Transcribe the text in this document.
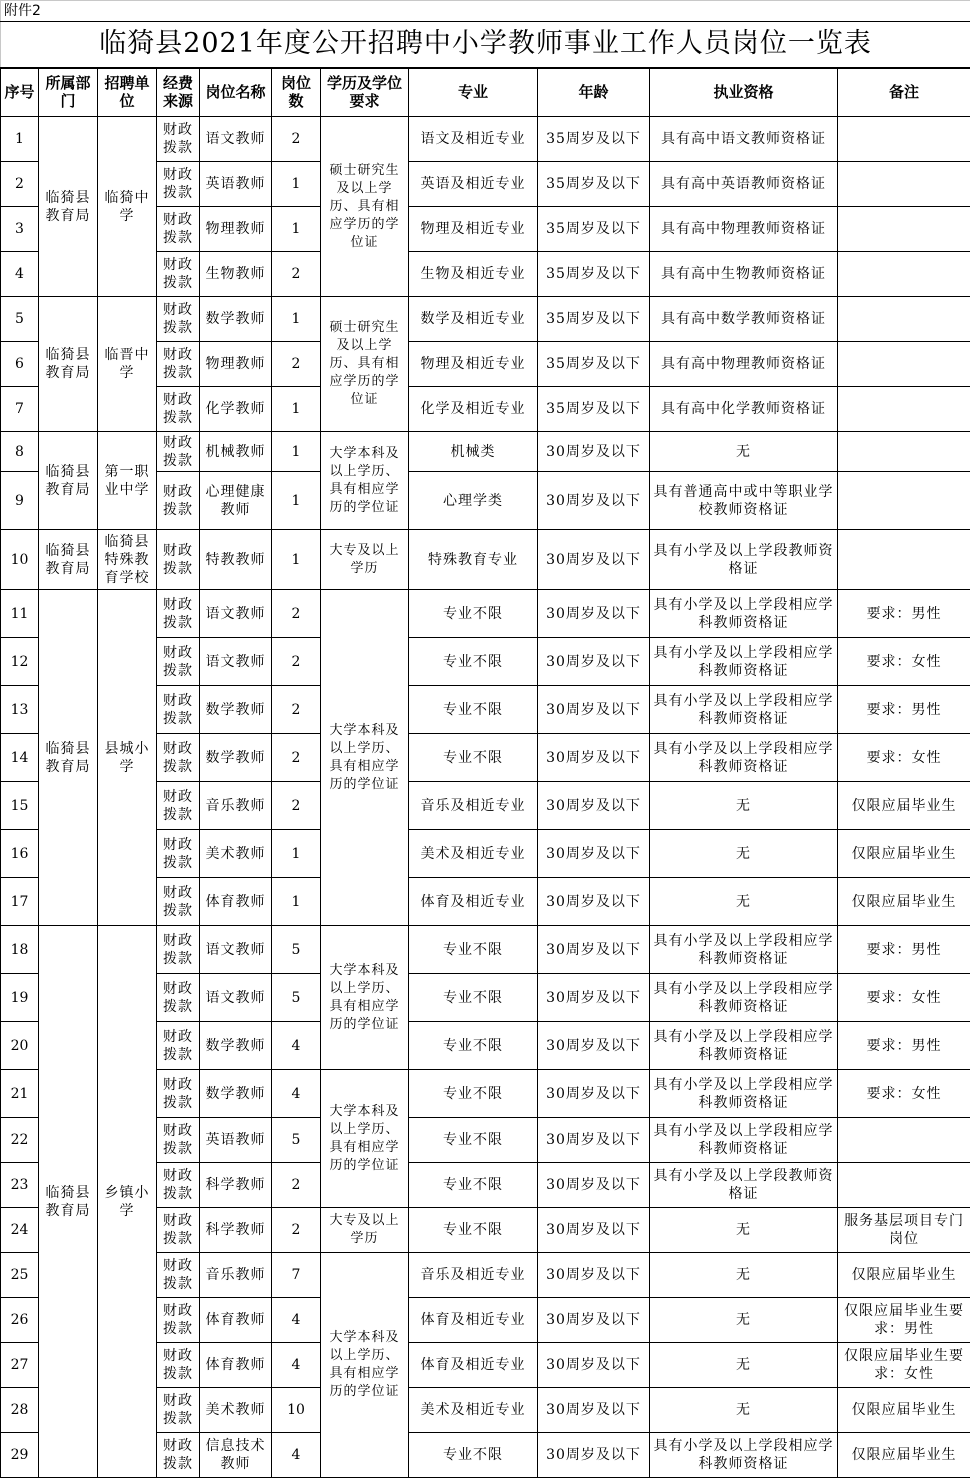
附件2										
临猗县2021年度公开招聘中小学教师事业工作人员岗位一览表										
序号	所属部门	招聘单位	经费来源	岗位名称	岗位数	学历及学位要求	专业	年龄	执业资格	备注
1	临猗县教育局	临猗中学	财政拨款	语文教师	2	硕士研究生及以上学历、具有相应学历的学位证	语文及相近专业	35周岁及以下	具有高中语文教师资格证	
2			财政拨款	英语教师	1		英语及相近专业	35周岁及以下	具有高中英语教师资格证	
3			财政拨款	物理教师	1		物理及相近专业	35周岁及以下	具有高中物理教师资格证	
4			财政拨款	生物教师	2		生物及相近专业	35周岁及以下	具有高中生物教师资格证	
5	临猗县教育局	临晋中学	财政拨款	数学教师	1	硕士研究生及以上学历、具有相应学历的学位证	数学及相近专业	35周岁及以下	具有高中数学教师资格证	
6			财政拨款	物理教师	2		物理及相近专业	35周岁及以下	具有高中物理教师资格证	
7			财政拨款	化学教师	1		化学及相近专业	35周岁及以下	具有高中化学教师资格证	
8	临猗县教育局	第一职业中学	财政拨款	机械教师	1	大学本科及以上学历、具有相应学历的学位证	机械类	30周岁及以下	无	
9			财政拨款	心理健康教师	1		心理学类	30周岁及以下	具有普通高中或中等职业学校教师资格证	
10	临猗县教育局	临猗县特殊教育学校	财政拨款	特教教师	1	大专及以上学历	特殊教育专业	30周岁及以下	具有小学及以上学段教师资格证	
11	临猗县教育局	县城小学	财政拨款	语文教师	2	大学本科及以上学历、具有相应学历的学位证	专业不限	30周岁及以下	具有小学及以上学段相应学科教师资格证	要求：男性
12			财政拨款	语文教师	2		专业不限	30周岁及以下	具有小学及以上学段相应学科教师资格证	要求：女性
13			财政拨款	数学教师	2		专业不限	30周岁及以下	具有小学及以上学段相应学科教师资格证	要求：男性
14			财政拨款	数学教师	2		专业不限	30周岁及以下	具有小学及以上学段相应学科教师资格证	要求：女性
15			财政拨款	音乐教师	2		音乐及相近专业	30周岁及以下	无	仅限应届毕业生
16			财政拨款	美术教师	1		美术及相近专业	30周岁及以下	无	仅限应届毕业生
17			财政拨款	体育教师	1		体育及相近专业	30周岁及以下	无	仅限应届毕业生
18	临猗县教育局	乡镇小学	财政拨款	语文教师	5	大学本科及以上学历、具有相应学历的学位证	专业不限	30周岁及以下	具有小学及以上学段相应学科教师资格证	要求：男性
19			财政拨款	语文教师	5		专业不限	30周岁及以下	具有小学及以上学段相应学科教师资格证	要求：女性
20			财政拨款	数学教师	4		专业不限	30周岁及以下	具有小学及以上学段相应学科教师资格证	要求：男性
21			财政拨款	数学教师	4	大学本科及以上学历、具有相应学历的学位证	专业不限	30周岁及以下	具有小学及以上学段相应学科教师资格证	要求：女性
22			财政拨款	英语教师	5		专业不限	30周岁及以下	具有小学及以上学段相应学科教师资格证	
23			财政拨款	科学教师	2		专业不限	30周岁及以下	具有小学及以上学段教师资格证	
24			财政拨款	科学教师	2	大专及以上学历	专业不限	30周岁及以下	无	服务基层项目专门岗位
25			财政拨款	音乐教师	7	大学本科及以上学历、具有相应学历的学位证	音乐及相近专业	30周岁及以下	无	仅限应届毕业生
26			财政拨款	体育教师	4		体育及相近专业	30周岁及以下	无	仅限应届毕业生要求：男性
27			财政拨款	体育教师	4		体育及相近专业	30周岁及以下	无	仅限应届毕业生要求：女性
28			财政拨款	美术教师	10		美术及相近专业	30周岁及以下	无	仅限应届毕业生
29			财政拨款	信息技术教师	4		专业不限	30周岁及以下	具有小学及以上学段相应学科教师资格证	仅限应届毕业生
